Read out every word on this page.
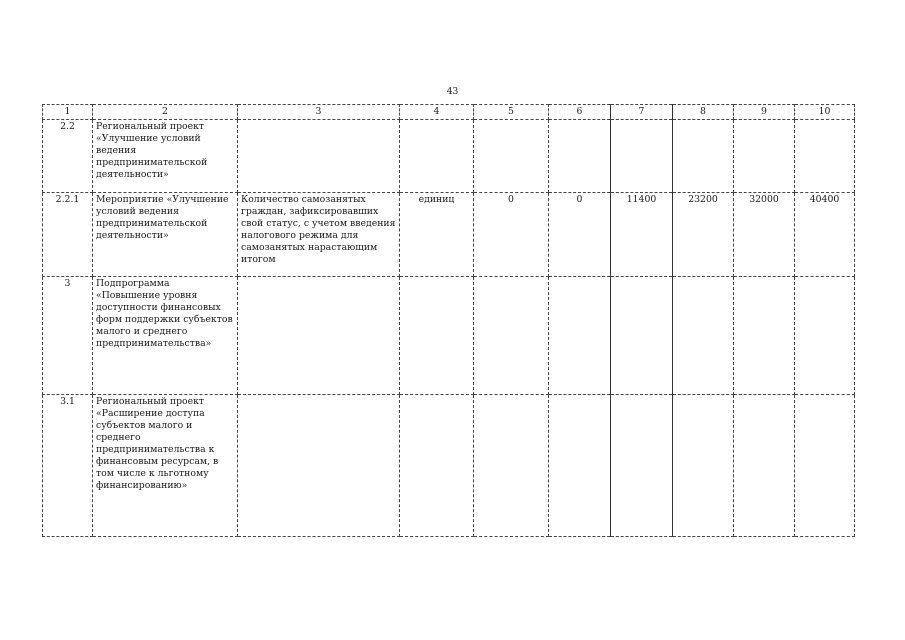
43
1	2	3	4	5	6	7	8	9	10
2.2	Региональный проект «Улучшение условий ведения предпринимательской деятельности»								
2.2.1	Мероприятие «Улучшение условий ведения предпринимательской деятельности»	Количество самозанятых граждан, зафиксировавших свой статус, с учетом введения налогового режима для самозанятых нарастающим итогом	единиц	0	0	11400	23200	32000	40400
3	Подпрограмма «Повышение уровня доступности финансовых форм поддержки субъектов малого и среднего предпринимательства»								
3.1	Региональный проект «Расширение доступа субъектов малого и среднего предпринимательства к финансовым ресурсам, в том числе к льготному финансированию»								
